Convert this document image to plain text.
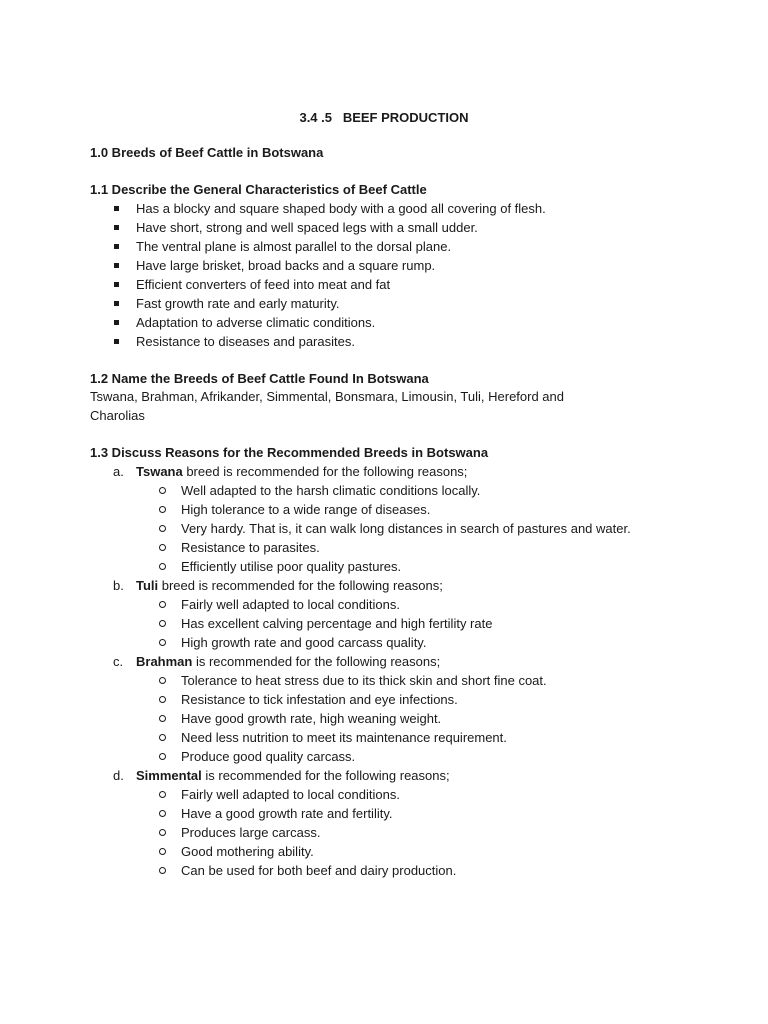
3.4 .5   BEEF PRODUCTION

1.0 Breeds of Beef Cattle in Botswana

1.1 Describe the General Characteristics of Beef Cattle

Has a blocky and square shaped body with a good all covering of flesh.
Have short, strong and well spaced legs with a small udder.
The ventral plane is almost parallel to the dorsal plane.
Have large brisket, broad backs and a square rump.
Efficient converters of feed into meat and fat
Fast growth rate and early maturity.
Adaptation to adverse climatic conditions.
Resistance to diseases and parasites.

1.2 Name the Breeds of Beef Cattle Found In Botswana

Tswana, Brahman, Afrikander, Simmental, Bonsmara, Limousin, Tuli, Hereford and

Charolias

1.3 Discuss Reasons for the Recommended Breeds in Botswana

a. Tswana breed is recommended for the following reasons;
Well adapted to the harsh climatic conditions locally.
High tolerance to a wide range of diseases.
Very hardy. That is, it can walk long distances in search of pastures and water.
Resistance to parasites.
Efficiently utilise poor quality pastures.
b. Tuli breed is recommended for the following reasons;
Fairly well adapted to local conditions.
Has excellent calving percentage and high fertility rate
High growth rate and good carcass quality.
c. Brahman is recommended for the following reasons;
Tolerance to heat stress due to its thick skin and short fine coat.
Resistance to tick infestation and eye infections.
Have good growth rate, high weaning weight.
Need less nutrition to meet its maintenance requirement.
Produce good quality carcass.
d. Simmental is recommended for the following reasons;
Fairly well adapted to local conditions.
Have a good growth rate and fertility.
Produces large carcass.
Good mothering ability.
Can be used for both beef and dairy production.
